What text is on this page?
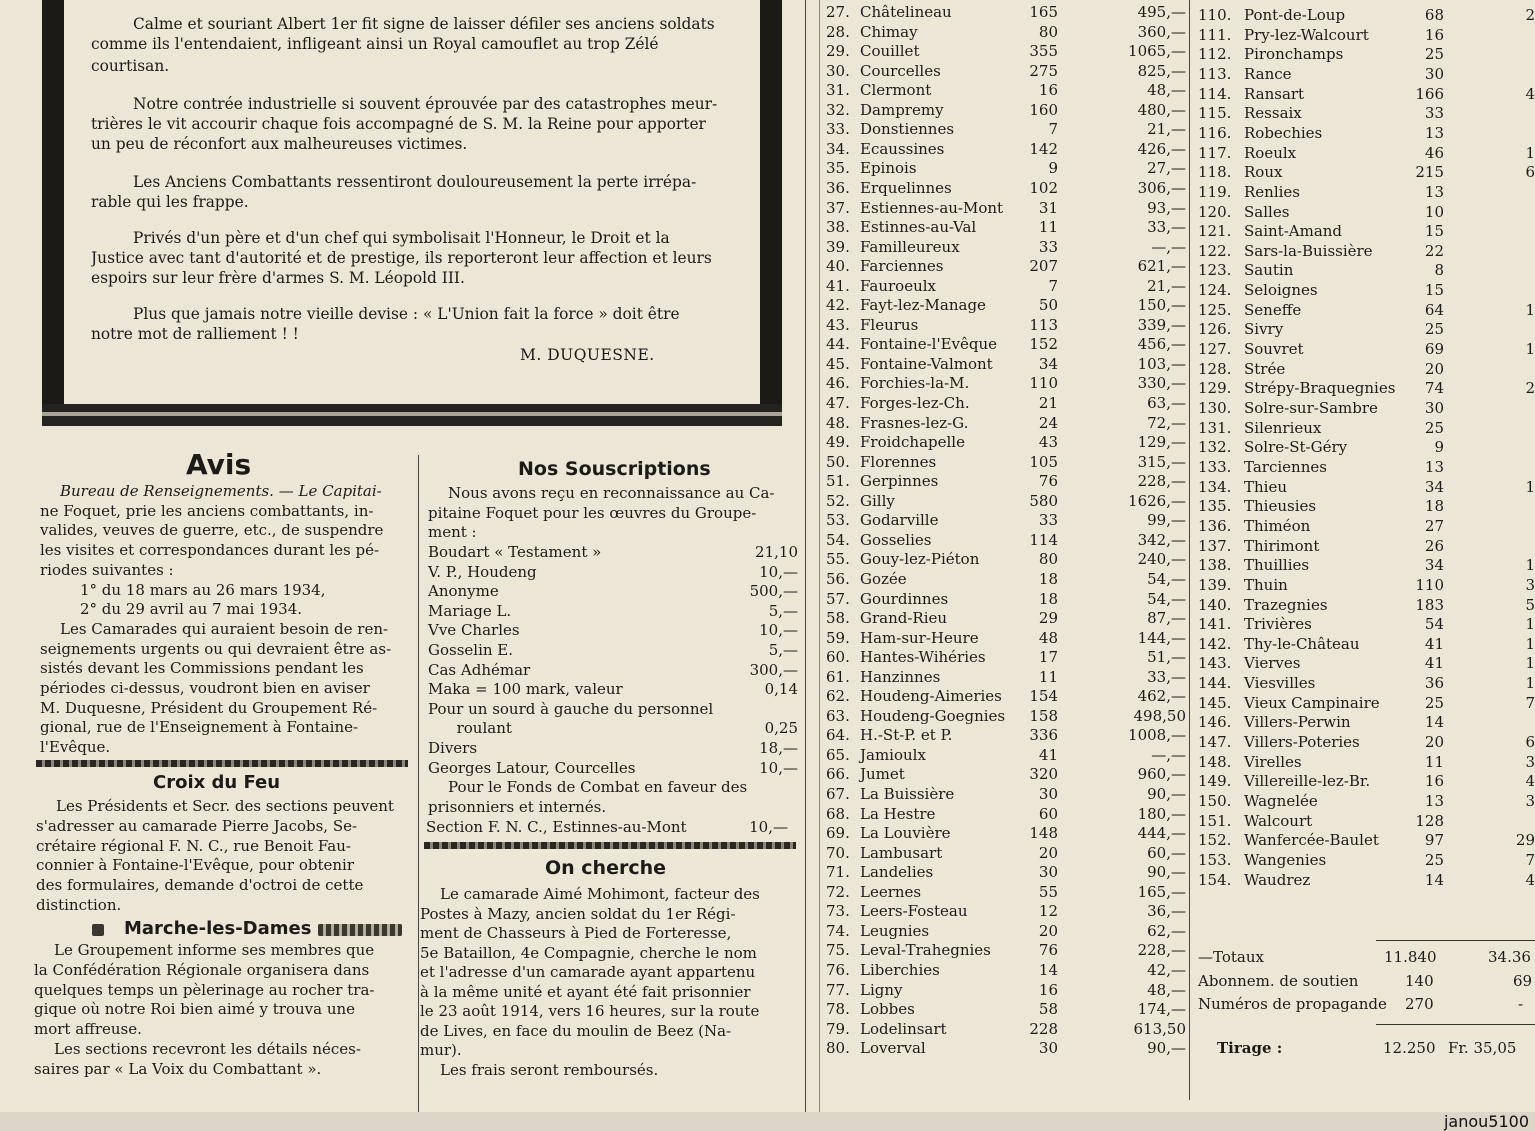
Calme et souriant Albert 1er fit signe de laisser défiler ses anciens soldats
comme ils l'entendaient, infligeant ainsi un Royal camouflet au trop Zélé
courtisan.
Notre contrée industrielle si souvent éprouvée par des catastrophes meur-
trières le vit accourir chaque fois accompagné de S. M. la Reine pour apporter
un peu de réconfort aux malheureuses victimes.
Les Anciens Combattants ressentiront douloureusement la perte irrépa-
rable qui les frappe.
Privés d'un père et d'un chef qui symbolisait l'Honneur, le Droit et la
Justice avec tant d'autorité et de prestige, ils reporteront leur affection et leurs
espoirs sur leur frère d'armes S. M. Léopold III.
Plus que jamais notre vieille devise : « L'Union fait la force » doit être
notre mot de ralliement ! !
M. DUQUESNE.
Avis
Bureau de Renseignements. — Le Capitai-
ne Foquet, prie les anciens combattants, in-
valides, veuves de guerre, etc., de suspendre
les visites et correspondances durant les pé-
riodes suivantes :
1° du 18 mars au 26 mars 1934,
2° du 29 avril au 7 mai 1934.
Les Camarades qui auraient besoin de ren-
seignements urgents ou qui devraient être as-
sistés devant les Commissions pendant les
périodes ci-dessus, voudront bien en aviser
M. Duquesne, Président du Groupement Ré-
gional, rue de l'Enseignement à Fontaine-
l'Evêque.
Croix du Feu
Les Présidents et Secr. des sections peuvent
s'adresser au camarade Pierre Jacobs, Se-
crétaire régional F. N. C., rue Benoit Fau-
connier à Fontaine-l'Evêque, pour obtenir
des formulaires, demande d'octroi de cette
distinction.
Marche-les-Dames
Le Groupement informe ses membres que
la Confédération Régionale organisera dans
quelques temps un pèlerinage au rocher tra-
gique où notre Roi bien aimé y trouva une
mort affreuse.
Les sections recevront les détails néces-
saires par « La Voix du Combattant ».
Nos Souscriptions
Nous avons reçu en reconnaissance au Ca-
pitaine Foquet pour les œuvres du Groupe-
ment :
Boudart « Testament »	21,10
V. P., Houdeng	10,—
Anonyme	500,—
Mariage L.	5,—
Vve Charles	10,—
Gosselin E.	5,—
Cas Adhémar	300,—
Maka = 100 mark, valeur	0,14
Pour un sourd à gauche du personnel
roulant	0,25
Divers	18,—
Georges Latour, Courcelles	10,—
Pour le Fonds de Combat en faveur des
prisonniers et internés.
Section F. N. C., Estinnes-au-Mont	10,—
On cherche
Le camarade Aimé Mohimont, facteur des
Postes à Mazy, ancien soldat du 1er Régi-
ment de Chasseurs à Pied de Forteresse,
5e Bataillon, 4e Compagnie, cherche le nom
et l'adresse d'un camarade ayant appartenu
à la même unité et ayant été fait prisonnier
le 23 août 1914, vers 16 heures, sur la route
de Lives, en face du moulin de Beez (Na-
mur).
Les frais seront remboursés.
27. Châtelineau	165	495,—
28. Chimay	80	360,—
29. Couillet	355	1065,—
30. Courcelles	275	825,—
31. Clermont	16	48,—
32. Dampremy	160	480,—
33. Donstiennes	7	21,—
34. Ecaussines	142	426,—
35. Epinois	9	27,—
36. Erquelinnes	102	306,—
37. Estiennes-au-Mont 31	93,—
38. Estinnes-au-Val	11	33,—
39. Familleureux	33	—,—
40. Farciennes	207	621,—
41. Fauroeulx	7	21,—
42. Fayt-lez-Manage	50	150,—
43. Fleurus	113	339,—
44. Fontaine-l'Evêque 152	456,—
45. Fontaine-Valmont	34	103,—
46. Forchies-la-M.	110	330,—
47. Forges-lez-Ch.	21	63,—
48. Frasnes-lez-G.	24	72,—
49. Froidchapelle	43	129,—
50. Florennes	105	315,—
51. Gerpinnes	76	228,—
52. Gilly	580	1626,—
53. Godarville	33	99,—
54. Gosselies	114	342,—
55. Gouy-lez-Piéton	80	240,—
56. Gozée	18	54,—
57. Gourdinnes	18	54,—
58. Grand-Rieu	29	87,—
59. Ham-sur-Heure	48	144,—
60. Hantes-Wihéries	17	51,—
61. Hanzinnes	11	33,—
62. Houdeng-Aimeries 154	462,—
63. Houdeng-Goegnies 158	498,50
64. H.-St-P. et P.	336	1008,—
65. Jamioulx	41	—,—
66. Jumet	320	960,—
67. La Buissière	30	90,—
68. La Hestre	60	180,—
69. La Louvière	148	444,—
70. Lambusart	20	60,—
71. Landelies	30	90,—
72. Leernes	55	165,—
73. Leers-Fosteau	12	36,—
74. Leugnies	20	62,—
75. Leval-Trahegnies	76	228,—
76. Liberchies	14	42,—
77. Ligny	16	48,—
78. Lobbes	58	174,—
79. Lodelinsart	228	613,50
80. Loverval	30	90,—
110. Pont-de-Loup	68	2
111. Pry-lez-Walcourt	16
112. Pironchamps	25
113. Rance	30
114. Ransart	166	4
115. Ressaix	33
116. Robechies	13
117. Roeulx	46	1
118. Roux	215	6
119. Renlies	13
120. Salles	10
121. Saint-Amand	15
122. Sars-la-Buissière	22
123. Sautin	8
124. Seloignes	15
125. Seneffe	64	1
126. Sivry	25
127. Souvret	69	1
128. Strée	20
129. Strépy-Braquegnies 74	2
130. Solre-sur-Sambre	30
131. Silenrieux	25
132. Solre-St-Géry	9
133. Tarciennes	13
134. Thieu	34	1
135. Thieusies	18
136. Thiméon	27
137. Thirimont	26
138. Thuillies	34	1
139. Thuin	110	3
140. Trazegnies	183	5
141. Trivières	54	1
142. Thy-le-Château	41	1
143. Vierves	41	1
144. Viesvilles	36	1
145. Vieux Campinaire	25	7
146. Villers-Perwin	14
147. Villers-Poteries	20	6
148. Virelles	11	3
149. Villereille-lez-Br.	16	4
150. Wagnelée	13	3
151. Walcourt	128
152. Wanfercée-Baulet	97	29
153. Wangenies	25	7
154. Waudrez	14	4
—Totaux	11.840	34.36
Abonnem. de soutien	140	69
Numéros de propagande 270	-
Tirage :	12.250 Fr. 35,05
janou5100
